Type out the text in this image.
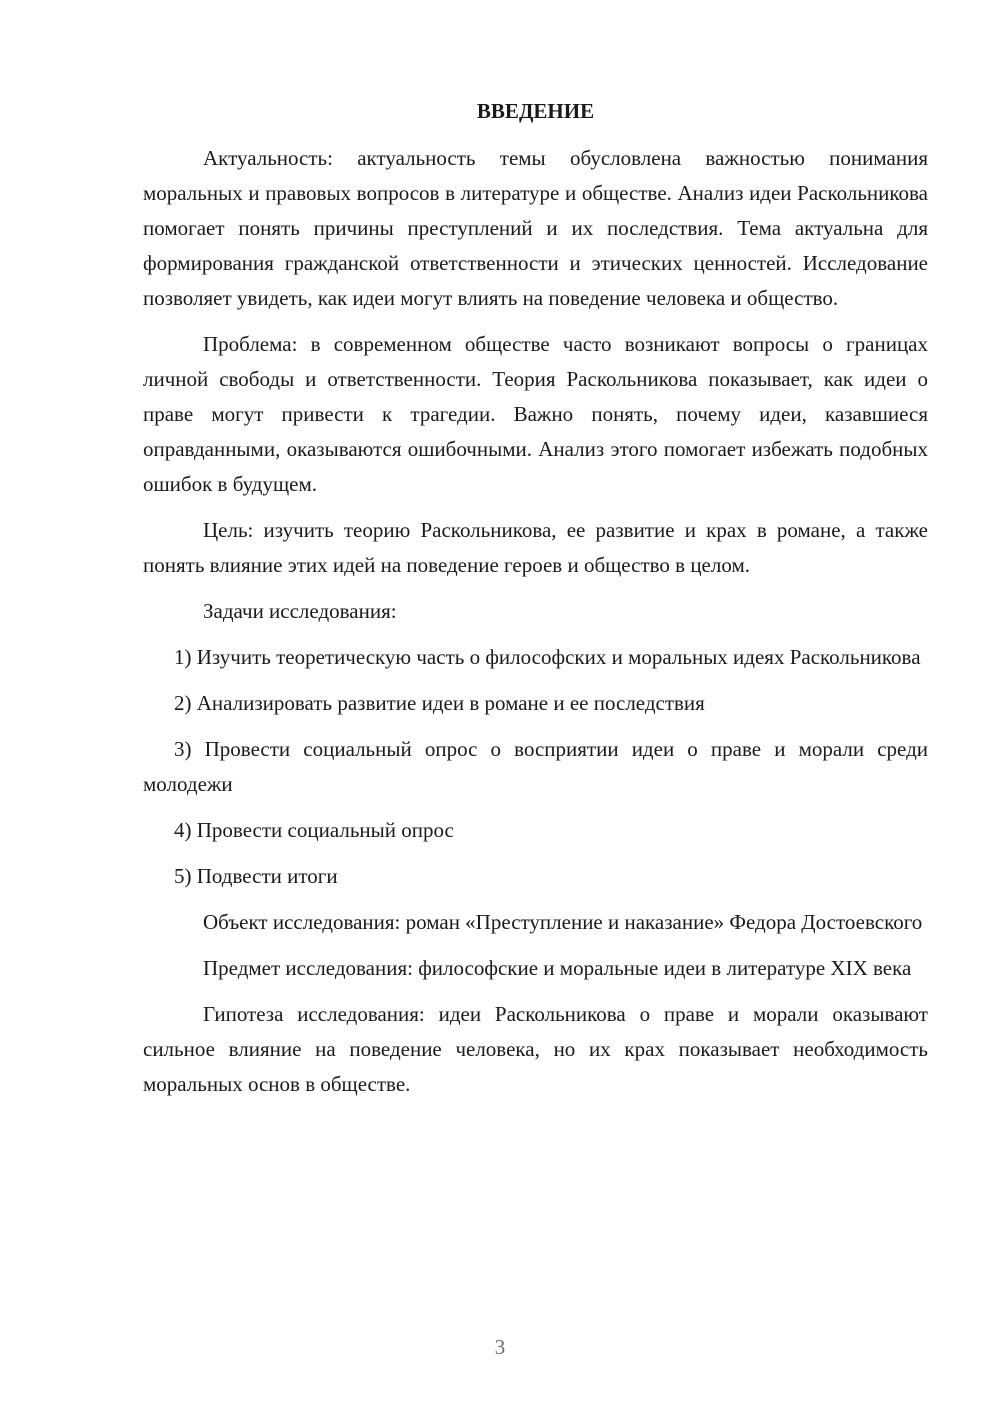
ВВЕДЕНИЕ

Актуальность: актуальность темы обусловлена важностью понимания моральных и правовых вопросов в литературе и обществе. Анализ идеи Раскольникова помогает понять причины преступлений и их последствия. Тема актуальна для формирования гражданской ответственности и этических ценностей. Исследование позволяет увидеть, как идеи могут влиять на поведение человека и общество.

Проблема: в современном обществе часто возникают вопросы о границах личной свободы и ответственности. Теория Раскольникова показывает, как идеи о праве могут привести к трагедии. Важно понять, почему идеи, казавшиеся оправданными, оказываются ошибочными. Анализ этого помогает избежать подобных ошибок в будущем.

Цель: изучить теорию Раскольникова, ее развитие и крах в романе, а также понять влияние этих идей на поведение героев и общество в целом.

Задачи исследования:

1) Изучить теоретическую часть о философских и моральных идеях Раскольникова

2) Анализировать развитие идеи в романе и ее последствия

3) Провести социальный опрос о восприятии идеи о праве и морали среди молодежи

4) Провести социальный опрос

5) Подвести итоги

Объект исследования: роман «Преступление и наказание» Федора Достоевского

Предмет исследования: философские и моральные идеи в литературе XIX века

Гипотеза исследования: идеи Раскольникова о праве и морали оказывают сильное влияние на поведение человека, но их крах показывает необходимость моральных основ в обществе.

3
